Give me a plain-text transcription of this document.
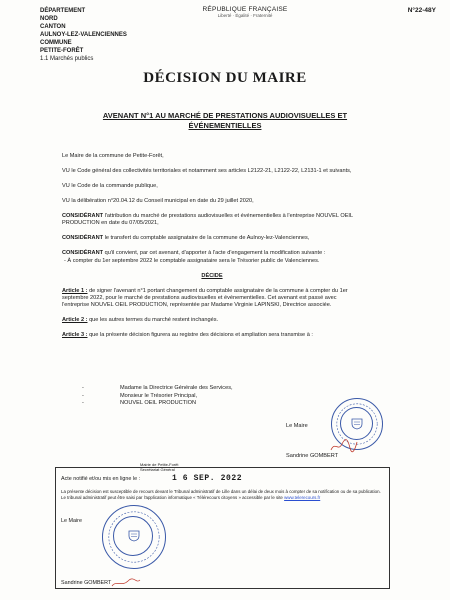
DÉPARTEMENT
NORD
CANTON
AULNOY-LEZ-VALENCIENNES
COMMUNE
PETITE-FORÊT
1.1 Marchés publics
RÉPUBLIQUE FRANÇAISE
Liberté · Égalité · Fraternité
N°22-48Y
DÉCISION DU MAIRE
AVENANT N°1 AU MARCHÉ DE PRESTATIONS AUDIOVISUELLES ET ÉVÉNEMENTIELLES

Le Maire de la commune de Petite-Forêt,

VU le Code général des collectivités territoriales et notamment ses articles L2122-21, L2122-22, L2131-1 et suivants,

VU le Code de la commande publique,

VU la délibération n°20.04.12 du Conseil municipal en date du 29 juillet 2020,

CONSIDÉRANT l'attribution du marché de prestations audiovisuelles et événementielles à l'entreprise NOUVEL OEIL PRODUCTION en date du 07/05/2021,

CONSIDÉRANT le transfert du comptable assignataire de la commune de Aulnoy-lez-Valenciennes,

CONSIDÉRANT qu'il convient, par cet avenant, d'apporter à l'acte d'engagement la modification suivante :

- À compter du 1er septembre 2022 le comptable assignataire sera le Trésorier public de Valenciennes.

DÉCIDE

Article 1 : de signer l'avenant n°1 portant changement du comptable assignataire de la commune à compter du 1er septembre 2022, pour le marché de prestations audiovisuelles et événementielles. Cet avenant est passé avec l'entreprise NOUVEL OEIL PRODUCTION, représentée par Madame Virginie LAPINSKI, Directrice associée.

Article 2 : que les autres termes du marché restent inchangés.

Article 3 : que la présente décision figurera au registre des décisions et ampliation sera transmise à :

- Madame la Directrice Générale des Services,
- Monsieur le Trésorier Principal,
- NOUVEL OEIL PRODUCTION
Le Maire
Sandrine GOMBERT
Mairie de Petite-Forêt
Secrétariat Général
Acte notifié et/ou mis en ligne le :	1 6 SEP. 2022
La présente décision est susceptible de recours devant le Tribunal administratif de Lille dans un délai de deux mois à compter de sa notification ou de sa publication. Le tribunal administratif peut être saisi par l'application informatique « Télérecours citoyens » accessible par le site www.telerecours.fr
Le Maire
Sandrine GOMBERT
